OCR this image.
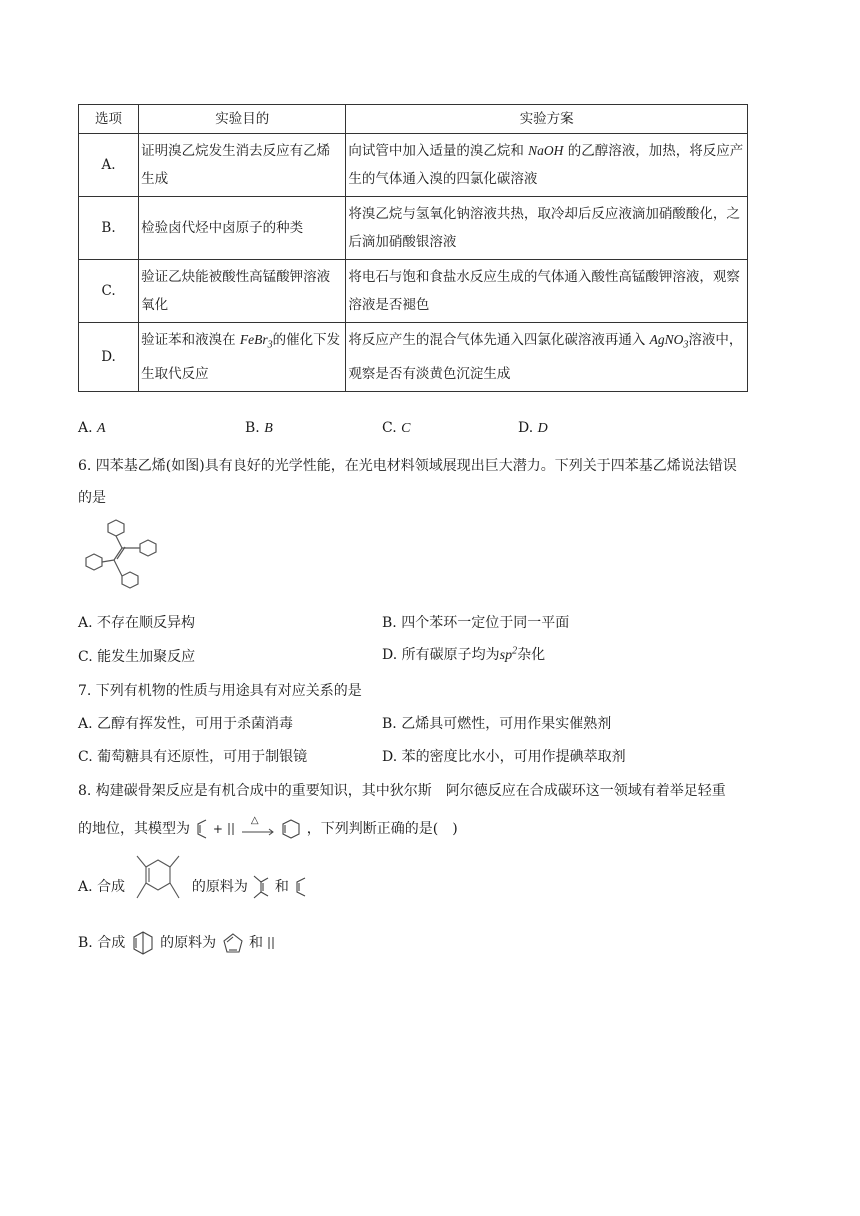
选项	实验目的	实验方案
A.	证明溴乙烷发生消去反应有乙烯生成	向试管中加入适量的溴乙烷和 NaOH 的乙醇溶液，加热，将反应产生的气体通入溴的四氯化碳溶液
B.	检验卤代烃中卤原子的种类	将溴乙烷与氢氧化钠溶液共热，取冷却后反应液滴加硝酸酸化，之后滴加硝酸银溶液
C.	验证乙炔能被酸性高锰酸钾溶液氧化	将电石与饱和食盐水反应生成的气体通入酸性高锰酸钾溶液，观察溶液是否褪色
D.	验证苯和液溴在 FeBr$_3$的催化下发生取代反应	将反应产生的混合气体先通入四氯化碳溶液再通入 AgNO$_3$溶液中，观察是否有淡黄色沉淀生成
A. A	B. B	C. C	D. D
6. 四苯基乙烯(如图)具有良好的光学性能，在光电材料领域展现出巨大潜力。下列关于四苯基乙烯说法错误
的是
A. 不存在顺反异构	B. 四个苯环一定位于同一平面
C. 能发生加聚反应	D. 所有碳原子均为$sp^2$杂化
7. 下列有机物的性质与用途具有对应关系的是
A. 乙醇有挥发性，可用于杀菌消毒	B. 乙烯具可燃性，可用作果实催熟剂
C. 葡萄糖具有还原性，可用于制银镜	D. 苯的密度比水小，可用作提碘萃取剂
8. 构建碳骨架反应是有机合成中的重要知识，其中狄尔斯　阿尔德反应在合成碳环这一领域有着举足轻重
的地位，其模型为 +
△
，下列判断正确的是(　)
A. 合成	的原料为 和
B. 合成 的原料为 和
